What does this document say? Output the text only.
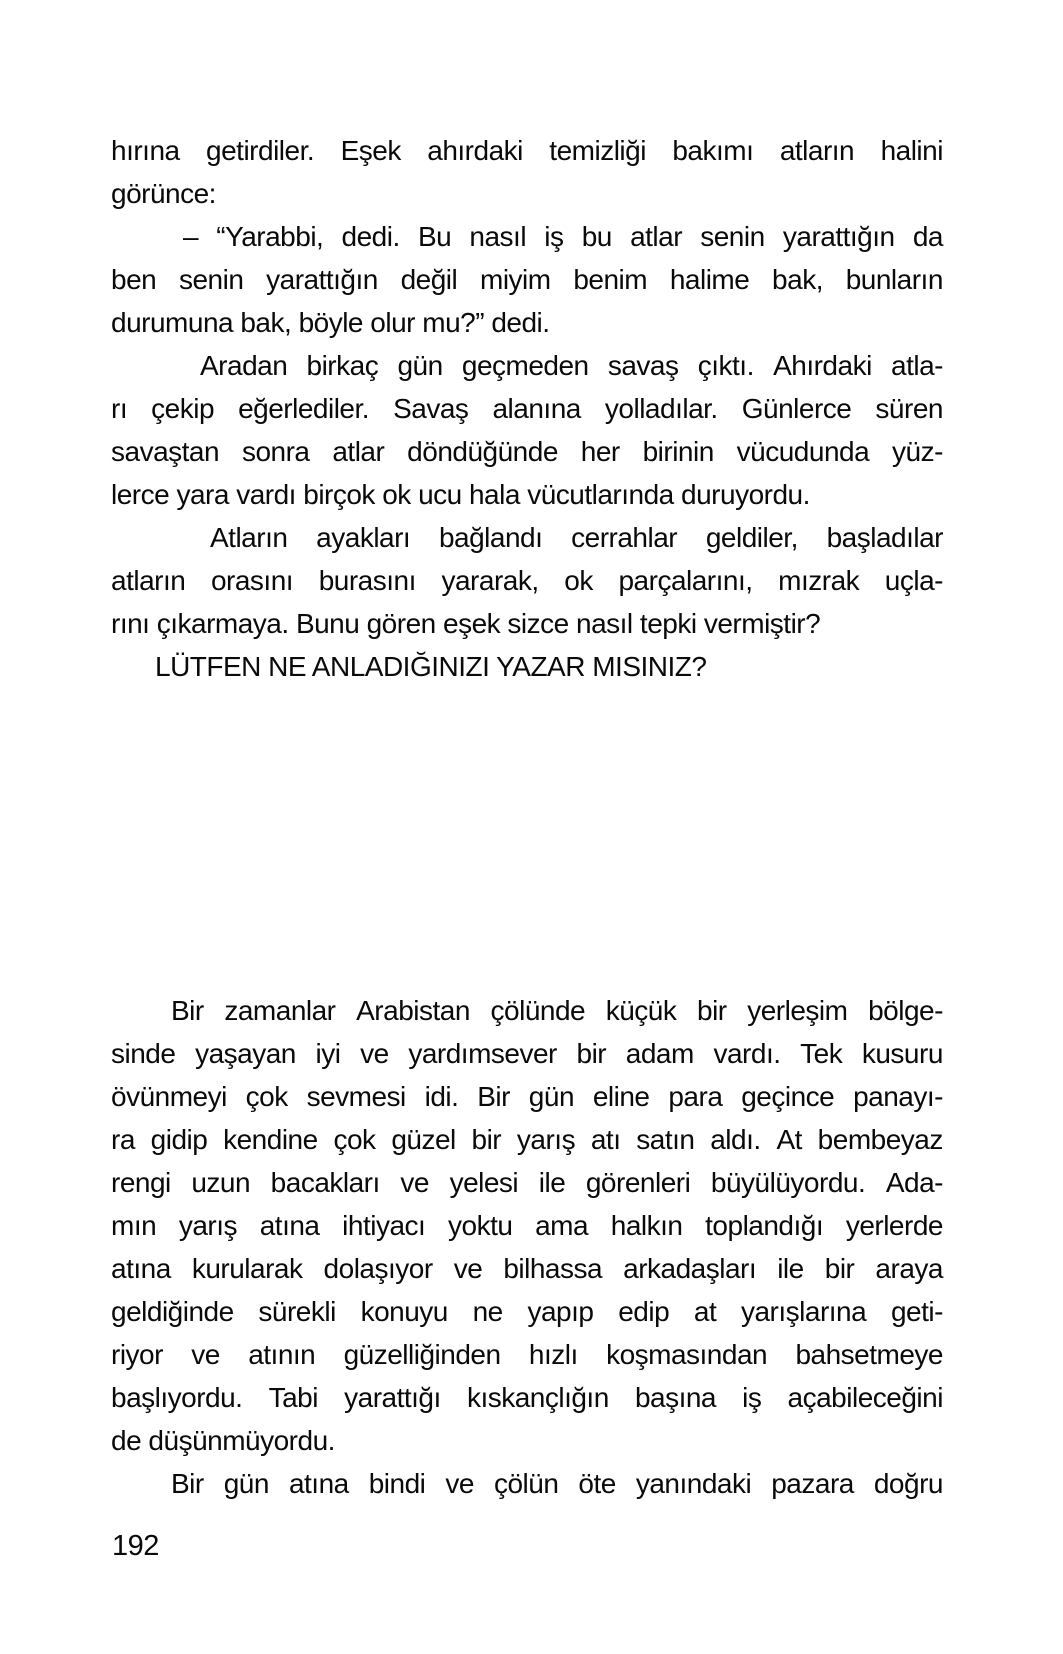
hırına getirdiler. Eşek ahırdaki temizliği bakımı atların halini
görünce:
– “Yarabbi, dedi. Bu nasıl iş bu atlar senin yarattığın da
ben senin yarattığın değil miyim benim halime bak, bunların
durumuna bak, böyle olur mu?” dedi.
Aradan birkaç gün geçmeden savaş çıktı. Ahırdaki atla-
rı çekip eğerlediler. Savaş alanına yolladılar. Günlerce süren
savaştan sonra atlar döndüğünde her birinin vücudunda yüz-
lerce yara vardı birçok ok ucu hala vücutlarında duruyordu.
Atların ayakları bağlandı cerrahlar geldiler, başladılar
atların orasını burasını yararak, ok parçalarını, mızrak uçla-
rını çıkarmaya. Bunu gören eşek sizce nasıl tepki vermiştir?
LÜTFEN NE ANLADIĞINIZI YAZAR MISINIZ?
Bir zamanlar Arabistan çölünde küçük bir yerleşim bölge-
sinde yaşayan iyi ve yardımsever bir adam vardı. Tek kusuru
övünmeyi çok sevmesi idi. Bir gün eline para geçince panayı-
ra gidip kendine çok güzel bir yarış atı satın aldı. At bembeyaz
rengi uzun bacakları ve yelesi ile görenleri büyülüyordu. Ada-
mın yarış atına ihtiyacı yoktu ama halkın toplandığı yerlerde
atına kurularak dolaşıyor ve bilhassa arkadaşları ile bir araya
geldiğinde sürekli konuyu ne yapıp edip at yarışlarına geti-
riyor ve atının güzelliğinden hızlı koşmasından bahsetmeye
başlıyordu. Tabi yarattığı kıskançlığın başına iş açabileceğini
de düşünmüyordu.
Bir gün atına bindi ve çölün öte yanındaki pazara doğru
192
